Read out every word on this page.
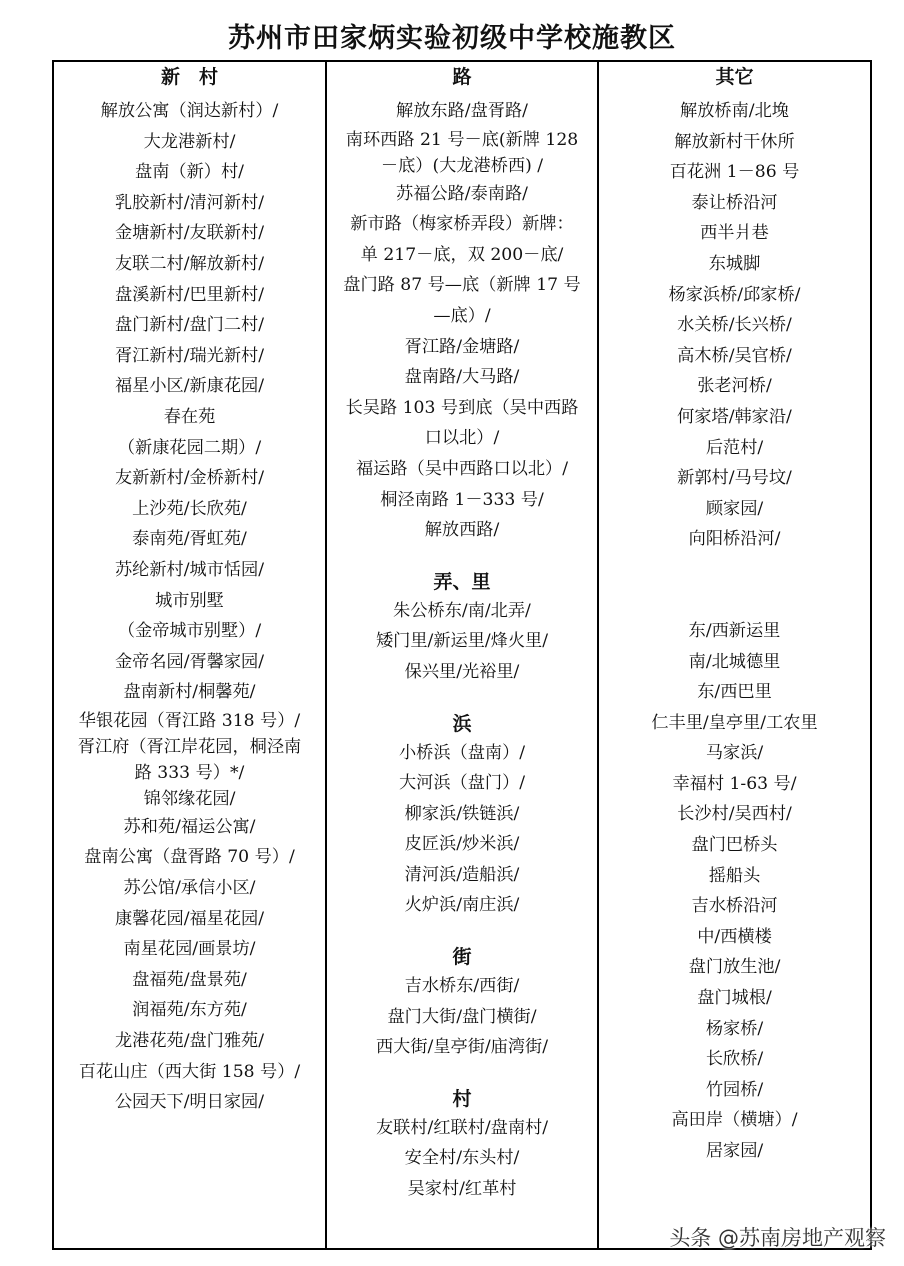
苏州市田家炳实验初级中学校施教区
新　村
解放公寓（润达新村）/
大龙港新村/
盘南（新）村/
乳胶新村/清河新村/
金塘新村/友联新村/
友联二村/解放新村/
盘溪新村/巴里新村/
盘门新村/盘门二村/
胥江新村/瑞光新村/
福星小区/新康花园/
春在苑
（新康花园二期）/
友新新村/金桥新村/
上沙苑/长欣苑/
泰南苑/胥虹苑/
苏纶新村/城市恬园/
城市别墅
（金帝城市别墅）/
金帝名园/胥馨家园/
盘南新村/桐馨苑/
华银花园（胥江路 318 号）/
胥江府（胥江岸花园，桐泾南
路 333 号）*/
锦邻缘花园/
苏和苑/福运公寓/
盘南公寓（盘胥路 70 号）/
苏公馆/承信小区/
康馨花园/福星花园/
南星花园/画景坊/
盘福苑/盘景苑/
润福苑/东方苑/
龙港花苑/盘门雅苑/
百花山庄（西大街 158 号）/
公园天下/明日家园/
路
解放东路/盘胥路/
南环西路 21 号－底(新牌 128
－底）(大龙港桥西) /
苏福公路/泰南路/
新市路（梅家桥弄段）新牌：
单 217－底，双 200－底/
盘门路 87 号—底（新牌 17 号
—底）/
胥江路/金塘路/
盘南路/大马路/
长吴路 103 号到底（吴中西路
口以北）/
福运路（吴中西路口以北）/
桐泾南路 1－333 号/
解放西路/
弄、里
朱公桥东/南/北弄/
矮门里/新运里/烽火里/
保兴里/光裕里/
浜
小桥浜（盘南）/
大河浜（盘门）/
柳家浜/铁链浜/
皮匠浜/炒米浜/
清河浜/造船浜/
火炉浜/南庄浜/
街
吉水桥东/西街/
盘门大街/盘门横街/
西大街/皇亭街/庙湾街/
村
友联村/红联村/盘南村/
安全村/东头村/
吴家村/红革村
其它
解放桥南/北堍
解放新村干休所
百花洲 1－86 号
泰让桥沿河
西半爿巷
东城脚
杨家浜桥/邱家桥/
水关桥/长兴桥/
高木桥/吴官桥/
张老河桥/
何家塔/韩家沿/
后范村/
新郭村/马号坟/
顾家园/
向阳桥沿河/
东/西新运里
南/北城德里
东/西巴里
仁丰里/皇亭里/工农里
马家浜/
幸福村 1-63 号/
长沙村/吴西村/
盘门巴桥头
摇船头
吉水桥沿河
中/西横楼
盘门放生池/
盘门城根/
杨家桥/
长欣桥/
竹园桥/
高田岸（横塘）/
居家园/
头条 @苏南房地产观察
